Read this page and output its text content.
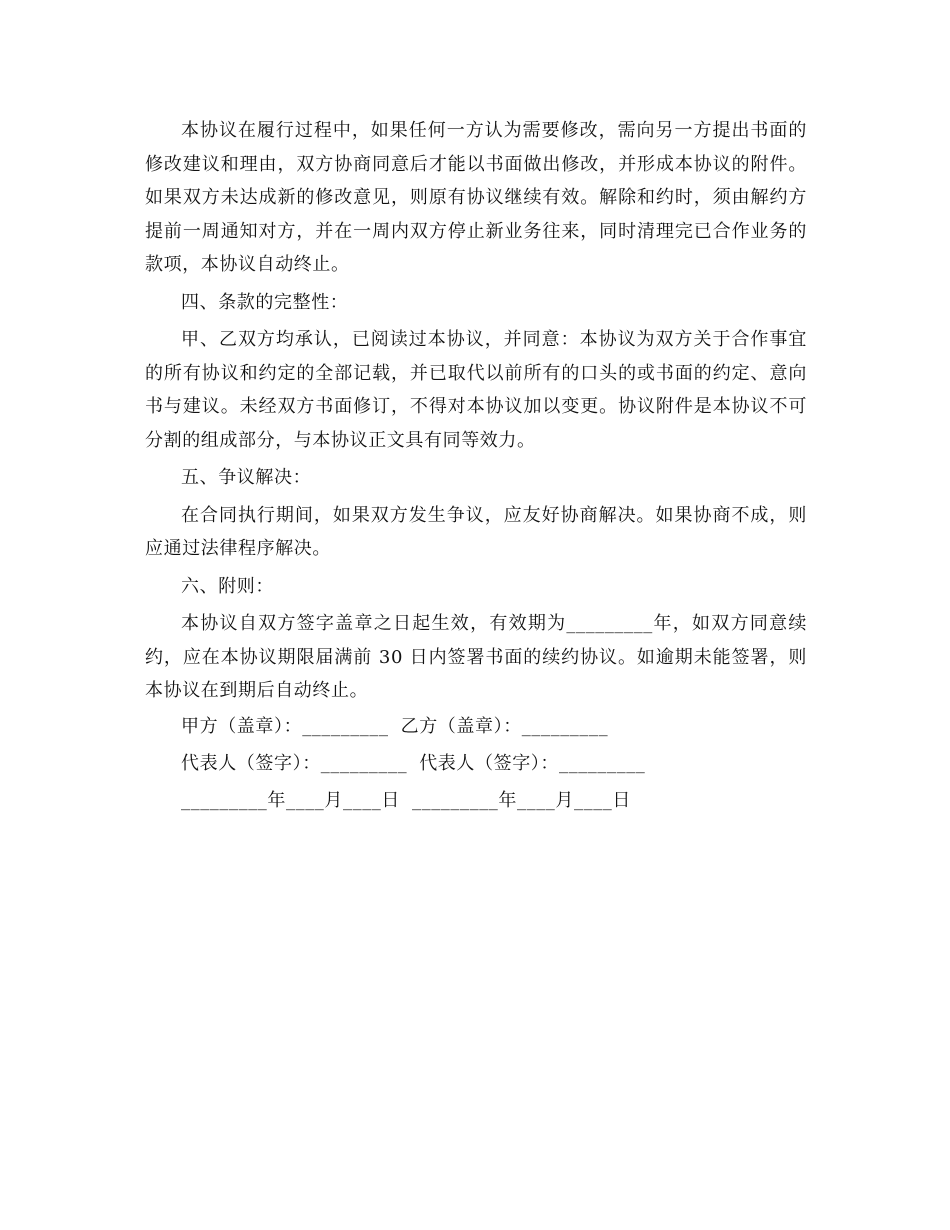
本协议在履行过程中，如果任何一方认为需要修改，需向另一方提出书面的修改建议和理由，双方协商同意后才能以书面做出修改，并形成本协议的附件。如果双方未达成新的修改意见，则原有协议继续有效。解除和约时，须由解约方提前一周通知对方，并在一周内双方停止新业务往来，同时清理完已合作业务的款项，本协议自动终止。

四、条款的完整性：

甲、乙双方均承认，已阅读过本协议，并同意：本协议为双方关于合作事宜的所有协议和约定的全部记载，并已取代以前所有的口头的或书面的约定、意向书与建议。未经双方书面修订，不得对本协议加以变更。协议附件是本协议不可分割的组成部分，与本协议正文具有同等效力。

五、争议解决：

在合同执行期间，如果双方发生争议，应友好协商解决。如果协商不成，则应通过法律程序解决。

六、附则：

本协议自双方签字盖章之日起生效，有效期为_________年，如双方同意续约，应在本协议期限届满前 30 日内签署书面的续约协议。如逾期未能签署，则本协议在到期后自动终止。

甲方（盖章）：_________ 乙方（盖章）：_________
代表人（签字）：_________ 代表人（签字）：_________
_________年____月____日 _________年____月____日
